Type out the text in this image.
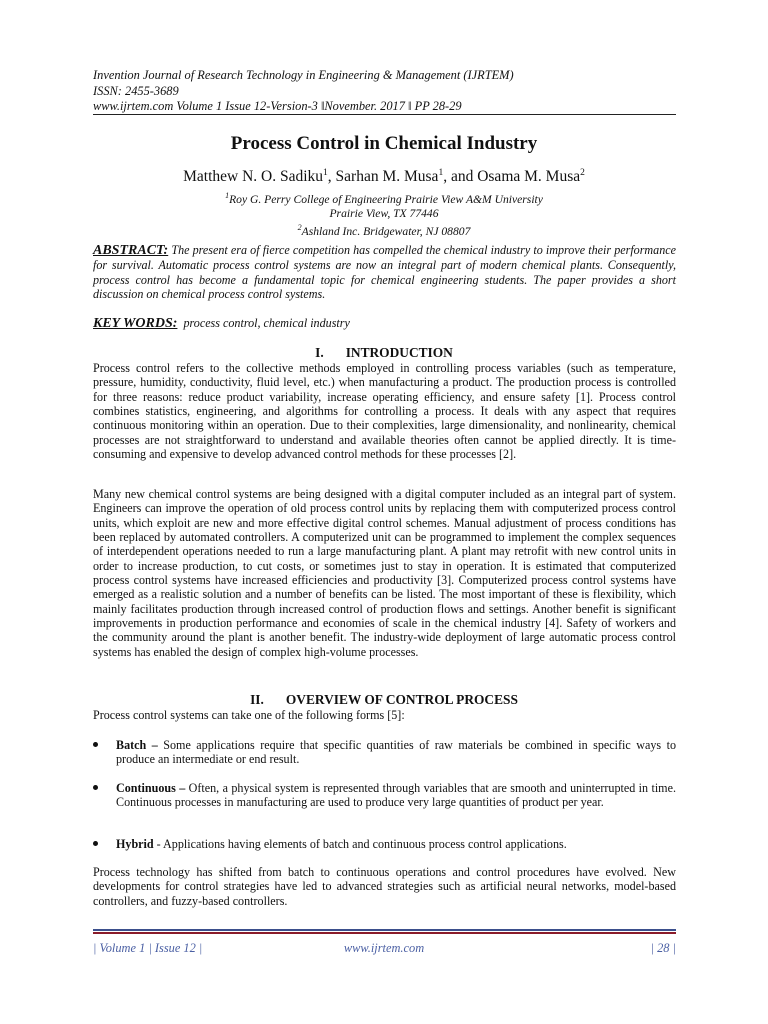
Invention Journal of Research Technology in Engineering & Management (IJRTEM)
ISSN: 2455-3689
www.ijrtem.com Volume 1 Issue 12-Version-3 ǁNovember. 2017 ǁ PP 28-29
Process Control in Chemical Industry
Matthew N. O. Sadiku$^1$, Sarhan M. Musa$^1$, and Osama M. Musa$^2$
$^1$Roy G. Perry College of Engineering Prairie View A&M University
Prairie View, TX 77446
$^2$Ashland Inc. Bridgewater, NJ 08807
ABSTRACT: The present era of fierce competition has compelled the chemical industry to improve their performance for survival. Automatic process control systems are now an integral part of modern chemical plants. Consequently, process control has become a fundamental topic for chemical engineering students. The paper provides a short discussion on chemical process control systems.
KEY WORDS: process control, chemical industry
I. INTRODUCTION
Process control refers to the collective methods employed in controlling process variables (such as temperature, pressure, humidity, conductivity, fluid level, etc.) when manufacturing a product. The production process is controlled for three reasons: reduce product variability, increase operating efficiency, and ensure safety [1]. Process control combines statistics, engineering, and algorithms for controlling a process. It deals with any aspect that requires continuous monitoring within an operation. Due to their complexities, large dimensionality, and nonlinearity, chemical processes are not straightforward to understand and available theories often cannot be applied directly. It is time-consuming and expensive to develop advanced control methods for these processes [2].
Many new chemical control systems are being designed with a digital computer included as an integral part of system. Engineers can improve the operation of old process control units by replacing them with computerized process control units, which exploit are new and more effective digital control schemes. Manual adjustment of process conditions has been replaced by automated controllers. A computerized unit can be programmed to implement the complex sequences of interdependent operations needed to run a large manufacturing plant. A plant may retrofit with new control units in order to increase production, to cut costs, or sometimes just to stay in operation. It is estimated that computerized process control systems have increased efficiencies and productivity [3]. Computerized process control systems have emerged as a realistic solution and a number of benefits can be listed. The most important of these is flexibility, which mainly facilitates production through increased control of production flows and settings. Another benefit is significant improvements in production performance and economies of scale in the chemical industry [4]. Safety of workers and the community around the plant is another benefit. The industry-wide deployment of large automatic process control systems has enabled the design of complex high-volume processes.
II. OVERVIEW OF CONTROL PROCESS
Process control systems can take one of the following forms [5]:
Batch – Some applications require that specific quantities of raw materials be combined in specific ways to produce an intermediate or end result.
Continuous – Often, a physical system is represented through variables that are smooth and uninterrupted in time. Continuous processes in manufacturing are used to produce very large quantities of product per year.
Hybrid - Applications having elements of batch and continuous process control applications.
Process technology has shifted from batch to continuous operations and control procedures have evolved. New developments for control strategies have led to advanced strategies such as artificial neural networks, model-based controllers, and fuzzy-based controllers.
| Volume 1 | Issue 12 |	www.ijrtem.com	| 28 |
